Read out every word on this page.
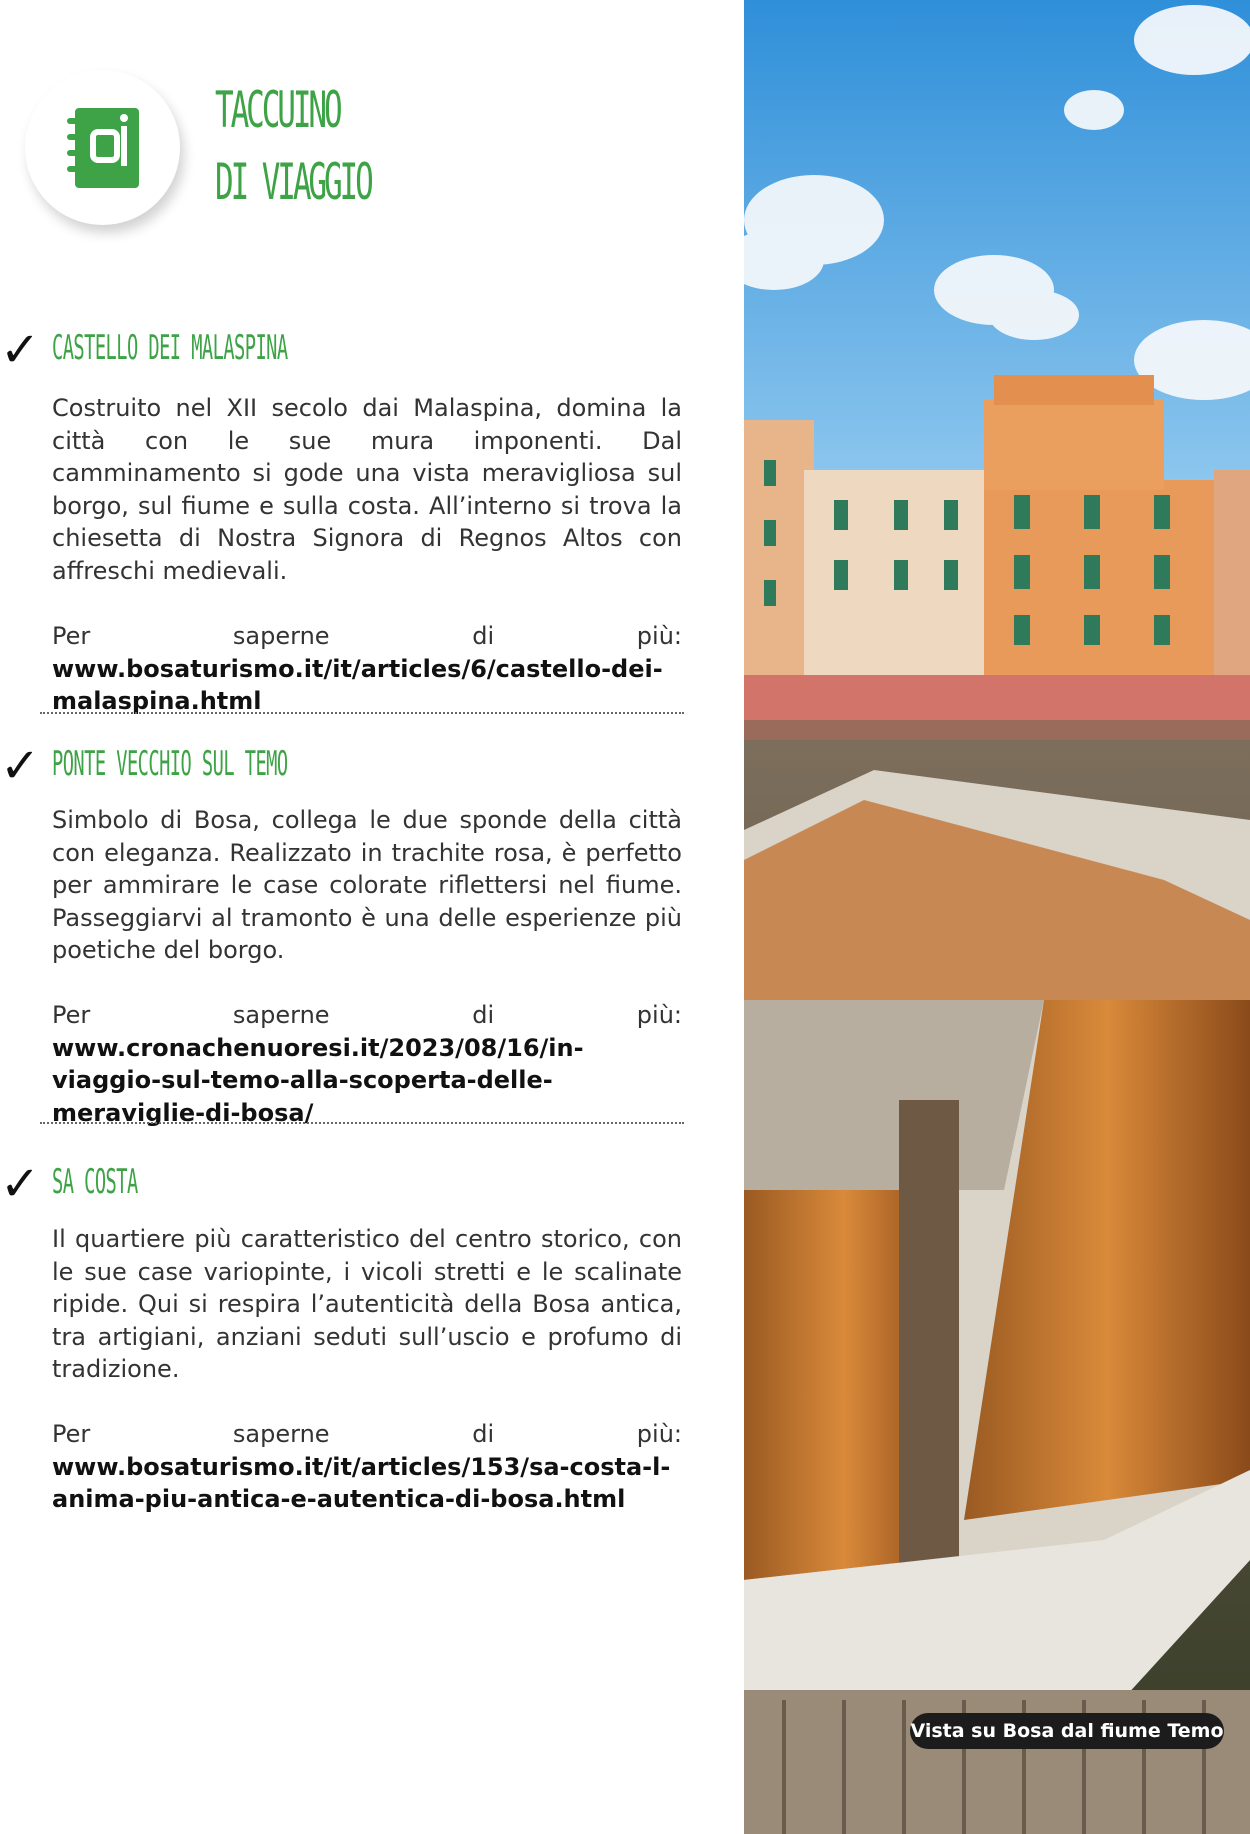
TACCUINO
DI VIAGGIO
✓ CASTELLO DEI MALASPINA
Costruito nel XII secolo dai Malaspina, domina la città con le sue mura imponenti. Dal camminamento si gode una vista meravigliosa sul borgo, sul fiume e sulla costa. All’interno si trova la chiesetta di Nostra Signora di Regnos Altos con affreschi medievali.
Per saperne di più: www.bosaturismo.it/it/articles/6/castello-dei-malaspina.html
✓ PONTE VECCHIO SUL TEMO
Simbolo di Bosa, collega le due sponde della città con eleganza. Realizzato in trachite rosa, è perfetto per ammirare le case colorate riflettersi nel fiume. Passeggiarvi al tramonto è una delle esperienze più poetiche del borgo.
Per saperne di più: www.cronachenuoresi.it/2023/08/16/in-viaggio-sul-temo-alla-scoperta-delle-meraviglie-di-bosa/
✓ SA COSTA
Il quartiere più caratteristico del centro storico, con le sue case variopinte, i vicoli stretti e le scalinate ripide. Qui si respira l’autenticità della Bosa antica, tra artigiani, anziani seduti sull’uscio e profumo di tradizione.
Per saperne di più: www.bosaturismo.it/it/articles/153/sa-costa-l-anima-piu-antica-e-autentica-di-bosa.html
Vista su Bosa dal fiume Temo
